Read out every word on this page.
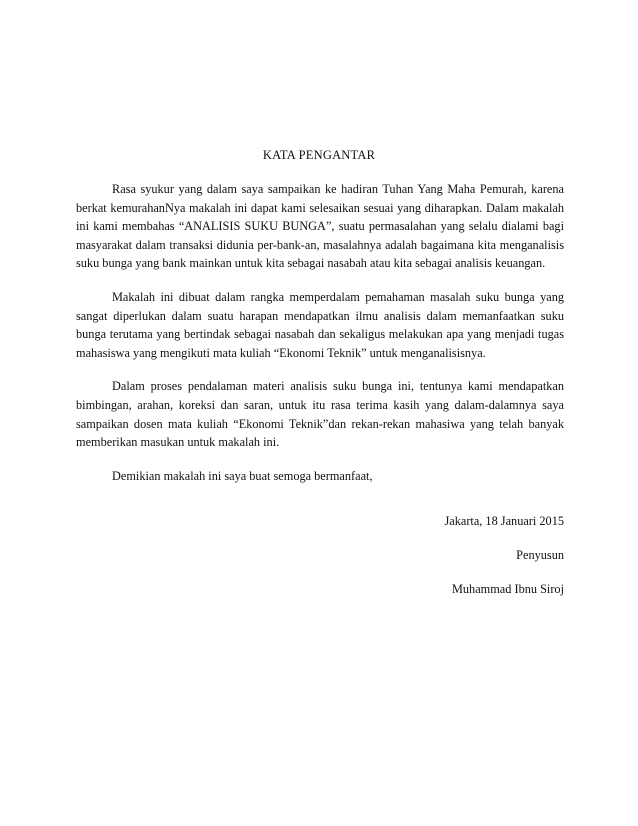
KATA PENGANTAR

Rasa syukur yang dalam saya sampaikan ke hadiran Tuhan Yang Maha Pemurah, karena berkat kemurahanNya makalah ini dapat kami selesaikan sesuai yang diharapkan. Dalam makalah ini kami membahas “ANALISIS SUKU BUNGA”, suatu permasalahan yang selalu dialami bagi masyarakat dalam transaksi didunia per-bank-an, masalahnya adalah bagaimana kita menganalisis suku bunga yang bank mainkan untuk kita sebagai nasabah atau kita sebagai analisis keuangan.

Makalah ini dibuat dalam rangka memperdalam pemahaman masalah suku bunga yang sangat diperlukan dalam suatu harapan mendapatkan ilmu analisis dalam memanfaatkan suku bunga terutama yang bertindak sebagai nasabah dan sekaligus melakukan apa yang menjadi tugas mahasiswa yang mengikuti mata kuliah “Ekonomi Teknik” untuk menganalisisnya.

Dalam proses pendalaman materi analisis suku bunga ini, tentunya kami mendapatkan bimbingan, arahan, koreksi dan saran, untuk itu rasa terima kasih yang dalam-dalamnya saya sampaikan dosen mata kuliah “Ekonomi Teknik”dan rekan-rekan mahasiwa yang telah banyak memberikan masukan untuk makalah ini.

Demikian makalah ini saya buat semoga bermanfaat,

Jakarta, 18 Januari 2015
Penyusun
Muhammad Ibnu Siroj
